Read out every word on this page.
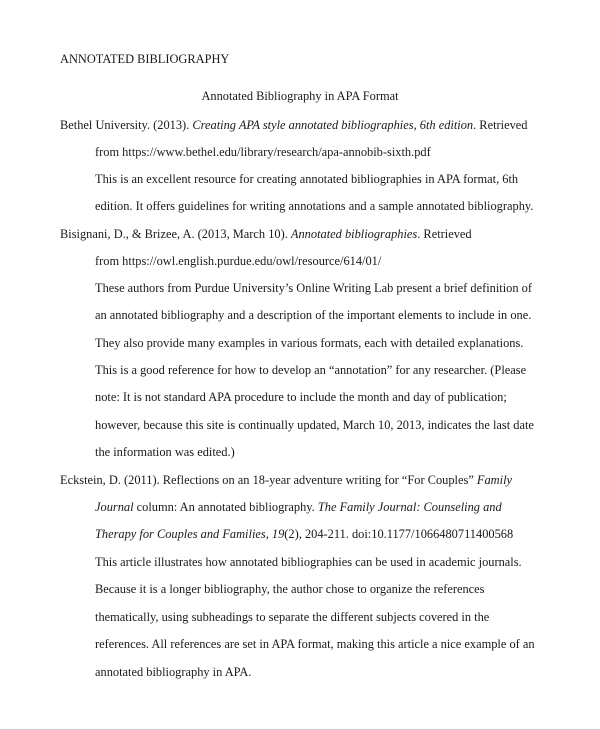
ANNOTATED BIBLIOGRAPHY
Annotated Bibliography in APA Format
Bethel University. (2013). Creating APA style annotated bibliographies, 6th edition. Retrieved
from https://www.bethel.edu/library/research/apa-annobib-sixth.pdf
This is an excellent resource for creating annotated bibliographies in APA format, 6th
edition. It offers guidelines for writing annotations and a sample annotated bibliography.
Bisignani, D., & Brizee, A. (2013, March 10). Annotated bibliographies. Retrieved
from https://owl.english.purdue.edu/owl/resource/614/01/
These authors from Purdue University’s Online Writing Lab present a brief definition of
an annotated bibliography and a description of the important elements to include in one.
They also provide many examples in various formats, each with detailed explanations.
This is a good reference for how to develop an “annotation” for any researcher. (Please
note: It is not standard APA procedure to include the month and day of publication;
however, because this site is continually updated, March 10, 2013, indicates the last date
the information was edited.)
Eckstein, D. (2011). Reflections on an 18-year adventure writing for “For Couples” Family
Journal column: An annotated bibliography. The Family Journal: Counseling and
Therapy for Couples and Families, 19(2), 204-211. doi:10.1177/1066480711400568
This article illustrates how annotated bibliographies can be used in academic journals.
Because it is a longer bibliography, the author chose to organize the references
thematically, using subheadings to separate the different subjects covered in the
references. All references are set in APA format, making this article a nice example of an
annotated bibliography in APA.
